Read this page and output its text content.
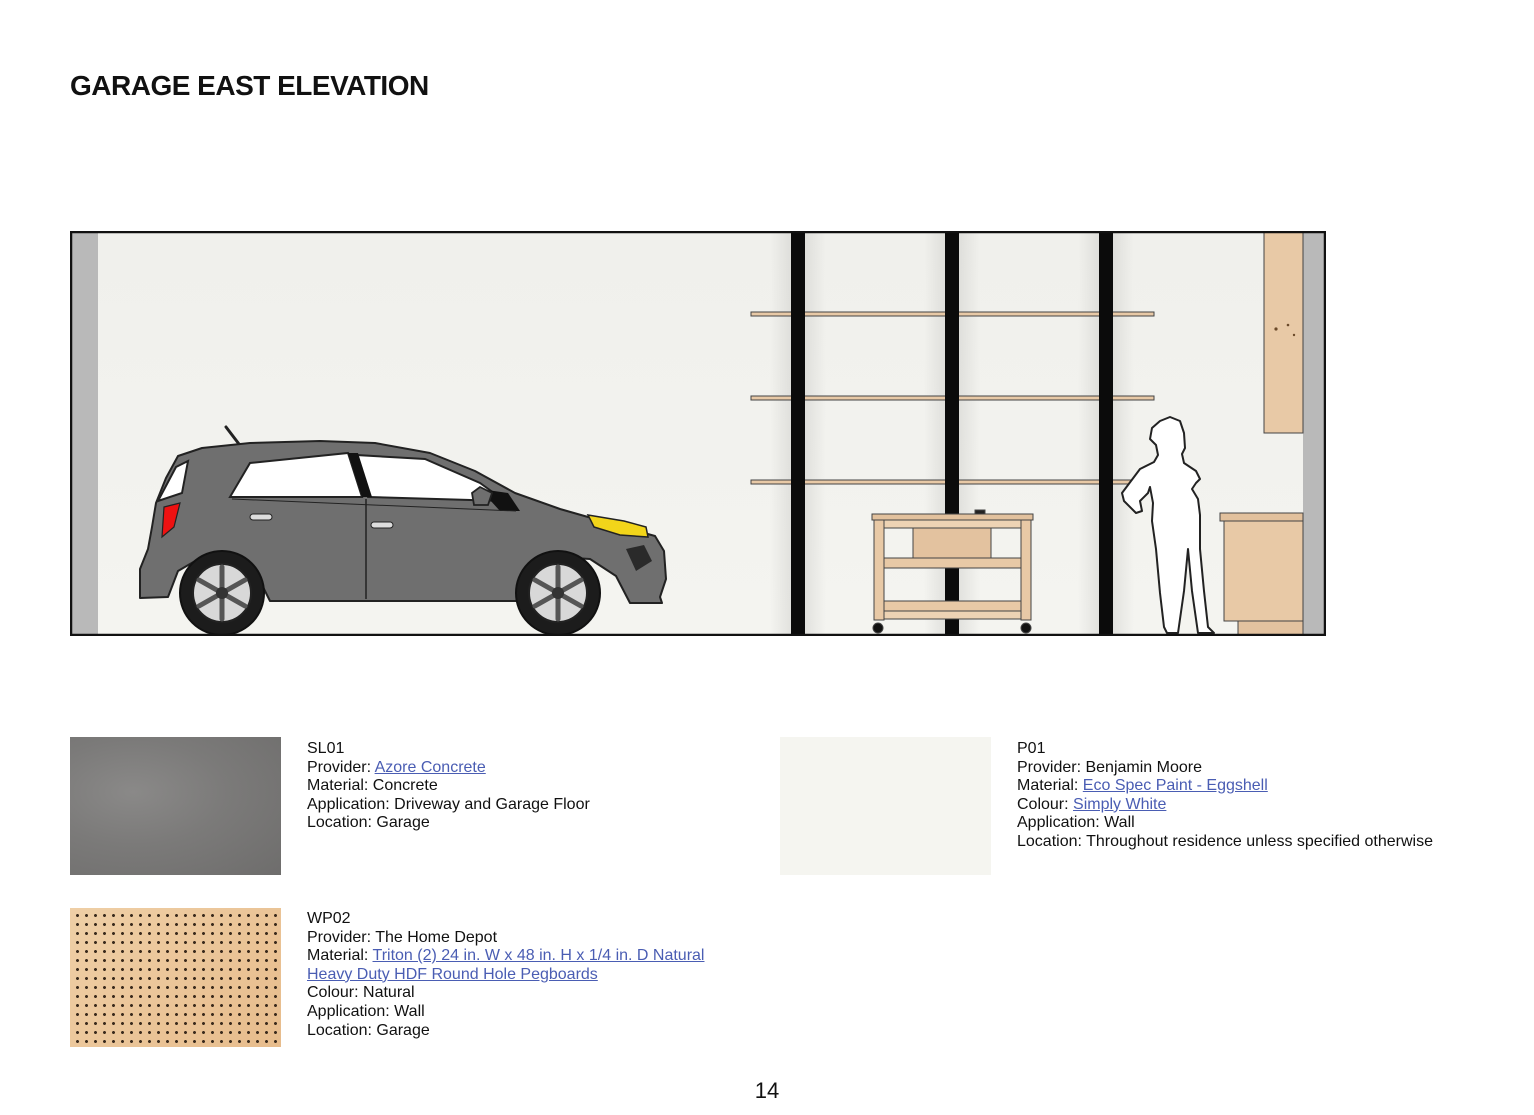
GARAGE EAST ELEVATION
SL01
Provider: Azore Concrete
Material: Concrete
Application: Driveway and Garage Floor
Location: Garage
P01
Provider: Benjamin Moore
Material: Eco Spec Paint - Eggshell
Colour: Simply White
Application: Wall
Location: Throughout residence unless specified otherwise
WP02
Provider: The Home Depot
Material: Triton (2) 24 in. W x 48 in. H x 1/4 in. D Natural Heavy Duty HDF Round Hole Pegboards
Colour: Natural
Application: Wall
Location: Garage
14
